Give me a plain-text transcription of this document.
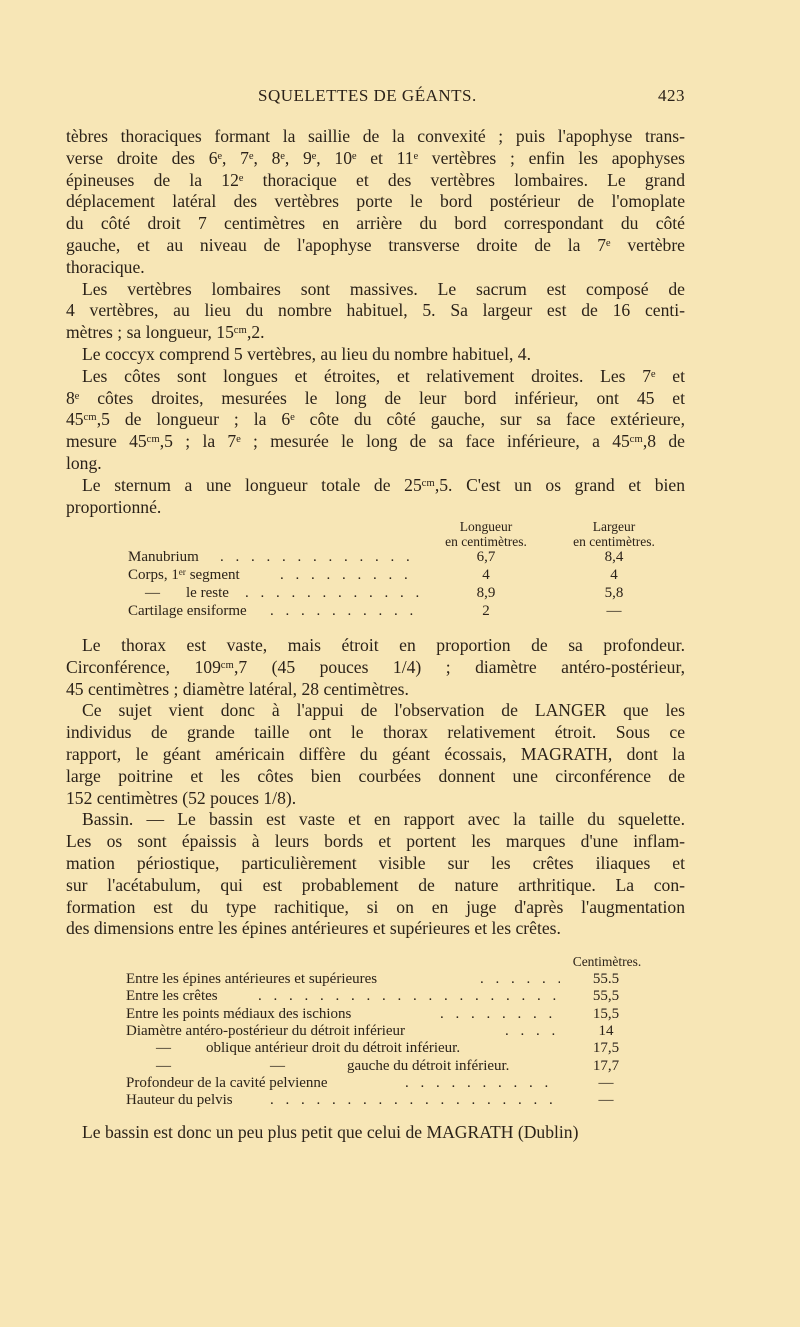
SQUELETTES DE GÉANTS.	423
tèbres thoraciques formant la saillie de la convexité ; puis l'apophyse trans-
verse droite des 6ᵉ, 7ᵉ, 8ᵉ, 9ᵉ, 10ᵉ et 11ᵉ vertèbres ; enfin les apophyses
épineuses de la 12ᵉ thoracique et des vertèbres lombaires. Le grand
déplacement latéral des vertèbres porte le bord postérieur de l'omoplate
du côté droit 7 centimètres en arrière du bord correspondant du côté
gauche, et au niveau de l'apophyse transverse droite de la 7ᵉ vertèbre
thoracique.
Les vertèbres lombaires sont massives. Le sacrum est composé de
4 vertèbres, au lieu du nombre habituel, 5. Sa largeur est de 16 centi-
mètres ; sa longueur, 15ᶜᵐ,2.
Le coccyx comprend 5 vertèbres, au lieu du nombre habituel, 4.
Les côtes sont longues et étroites, et relativement droites. Les 7ᵉ et
8ᵉ côtes droites, mesurées le long de leur bord inférieur, ont 45 et
45ᶜᵐ,5 de longueur ; la 6ᵉ côte du côté gauche, sur sa face extérieure,
mesure 45ᶜᵐ,5 ; la 7ᵉ ; mesurée le long de sa face inférieure, a 45ᶜᵐ,8 de
long.
Le sternum a une longueur totale de 25ᶜᵐ,5. C'est un os grand et bien
proportionné.
Longueur
en centimètres.
Largeur
en centimètres.
Manubrium . . .	6,7	8,4
Corps, 1ᵉʳ segment . . .	4	4
— le reste . . .	8,9	5,8
Cartilage ensiforme . . .	2	—
Le thorax est vaste, mais étroit en proportion de sa profondeur.
Circonférence, 109ᶜᵐ,7 (45 pouces 1/4) ; diamètre antéro-postérieur,
45 centimètres ; diamètre latéral, 28 centimètres.
Ce sujet vient donc à l'appui de l'observation de LANGER que les
individus de grande taille ont le thorax relativement étroit. Sous ce
rapport, le géant américain diffère du géant écossais, MAGRATH, dont la
large poitrine et les côtes bien courbées donnent une circonférence de
152 centimètres (52 pouces 1/8).
Bassin. — Le bassin est vaste et en rapport avec la taille du squelette.
Les os sont épaissis à leurs bords et portent les marques d'une inflam-
mation périostique, particulièrement visible sur les crêtes iliaques et
sur l'acétabulum, qui est probablement de nature arthritique. La con-
formation est du type rachitique, si on en juge d'après l'augmentation
des dimensions entre les épines antérieures et supérieures et les crêtes.
Centimètres.
Entre les épines antérieures et supérieures . . .	55.5
Entre les crêtes . . .	55,5
Entre les points médiaux des ischions . . .	15,5
Diamètre antéro-postérieur du détroit inférieur . . .	14
— oblique antérieur droit du détroit inférieur.	17,5
—	—	gauche du détroit inférieur.	17,7
Profondeur de la cavité pelvienne . . .	—
Hauteur du pelvis . . .	—
Le bassin est donc un peu plus petit que celui de MAGRATH (Dublin)
